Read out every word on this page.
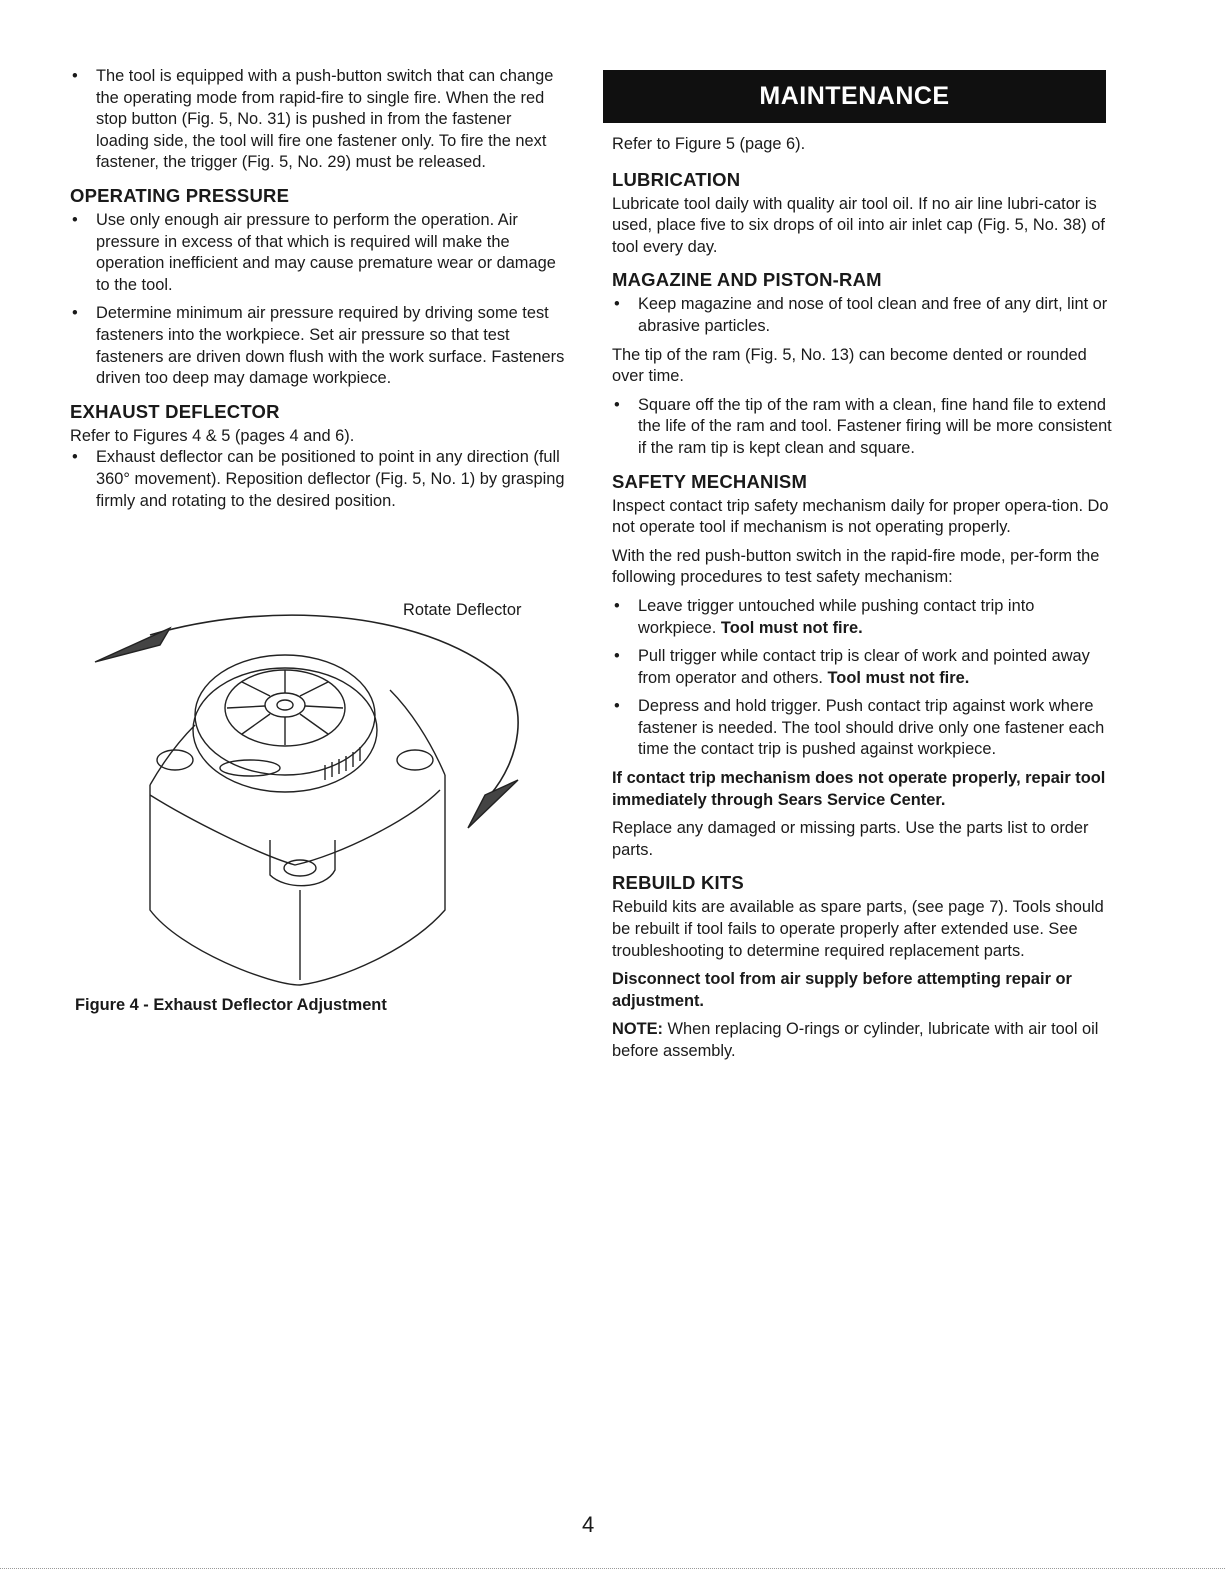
• The tool is equipped with a push-button switch that can change the operating mode from rapid-fire to single fire. When the red stop button (Fig. 5, No. 31) is pushed in from the fastener loading side, the tool will fire one fastener only. To fire the next fastener, the trigger (Fig. 5, No. 29) must be released.
OPERATING PRESSURE
• Use only enough air pressure to perform the operation. Air pressure in excess of that which is required will make the operation inefficient and may cause premature wear or damage to the tool.
• Determine minimum air pressure required by driving some test fasteners into the workpiece. Set air pressure so that test fasteners are driven down flush with the work surface. Fasteners driven too deep may damage workpiece.
EXHAUST DEFLECTOR

Refer to Figures 4 & 5 (pages 4 and 6).

• Exhaust deflector can be positioned to point in any direction (full 360° movement). Reposition deflector (Fig. 5, No. 1) by grasping firmly and rotating to the desired position.
Rotate Deflector
Figure 4 - Exhaust Deflector Adjustment
MAINTENANCE

Refer to Figure 5 (page 6).

LUBRICATION

Lubricate tool daily with quality air tool oil. If no air line lubri-cator is used, place five to six drops of oil into air inlet cap (Fig. 5, No. 38) of tool every day.

MAGAZINE AND PISTON-RAM
• Keep magazine and nose of tool clean and free of any dirt, lint or abrasive particles.

The tip of the ram (Fig. 5, No. 13) can become dented or rounded over time.

• Square off the tip of the ram with a clean, fine hand file to extend the life of the ram and tool. Fastener firing will be more consistent if the ram tip is kept clean and square.
SAFETY MECHANISM

Inspect contact trip safety mechanism daily for proper opera-tion. Do not operate tool if mechanism is not operating properly.

With the red push-button switch in the rapid-fire mode, per-form the following procedures to test safety mechanism:

• Leave trigger untouched while pushing contact trip into workpiece. Tool must not fire.
• Pull trigger while contact trip is clear of work and pointed away from operator and others. Tool must not fire.
• Depress and hold trigger. Push contact trip against work where fastener is needed. The tool should drive only one fastener each time the contact trip is pushed against workpiece.

If contact trip mechanism does not operate properly, repair tool immediately through Sears Service Center.

Replace any damaged or missing parts. Use the parts list to order parts.

REBUILD KITS

Rebuild kits are available as spare parts, (see page 7). Tools should be rebuilt if tool fails to operate properly after extended use. See troubleshooting to determine required replacement parts.

Disconnect tool from air supply before attempting repair or adjustment.

NOTE: When replacing O-rings or cylinder, lubricate with air tool oil before assembly.

4
